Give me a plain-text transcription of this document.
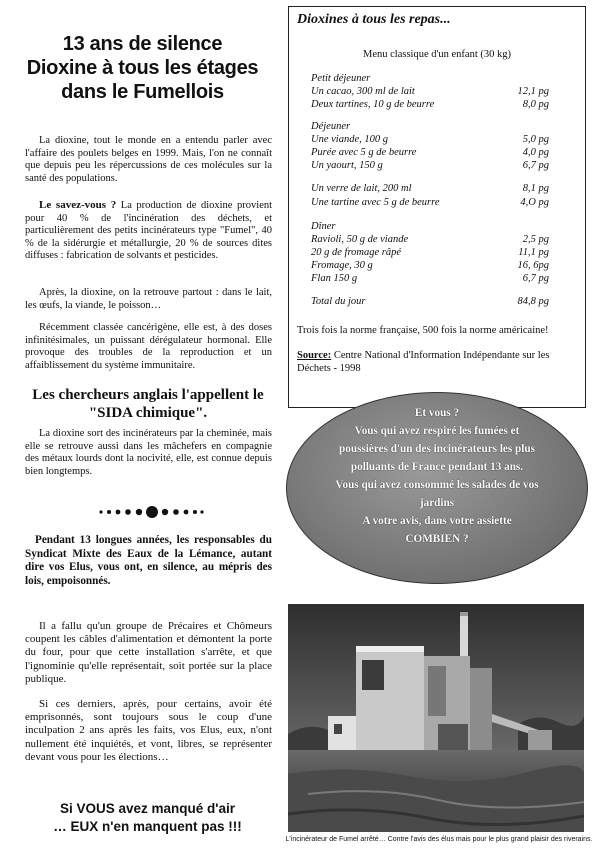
13 ans de silence
Dioxine à tous les étages
dans le Fumellois
La dioxine, tout le monde en a entendu parler avec l'affaire des poulets belges en 1999. Mais, l'on ne connaît que depuis peu les répercussions de ces molécules sur la santé des populations.
Le savez-vous ? La production de dioxine provient pour 40 % de l'incinération des déchets, et particulièrement des petits incinérateurs type "Fumel", 40 % de la sidérurgie et métallurgie, 20 % de sources dites diffuses : fabrication de solvants et pesticides.
Après, la dioxine, on la retrouve partout : dans le lait, les œufs, la viande, le poisson…
Récemment classée cancérigène, elle est, à des doses infinitésimales, un puissant dérégulateur hormonal. Elle provoque des troubles de la reproduction et un affaiblissement du système immunitaire.
Les chercheurs anglais l'appellent le "SIDA chimique".
La dioxine sort des incinérateurs par la cheminée, mais elle se retrouve aussi dans les mâchefers en compagnie des métaux lourds dont la nocivité, elle, est connue depuis bien longtemps.
Pendant 13 longues années, les responsables du Syndicat Mixte des Eaux de la Lémance, autant dire vos Elus, vous ont, en silence, au mépris des lois, empoisonnés.
Il a fallu qu'un groupe de Précaires et Chômeurs coupent les câbles d'alimentation et démontent la porte du four, pour que cette installation s'arrête, et que l'ignominie qu'elle représentait, soit portée sur la place publique.
Si ces derniers, après, pour certains, avoir été emprisonnés, sont toujours sous le coup d'une inculpation 2 ans après les faits, vos Elus, eux, n'ont nullement été inquiétés, et vont, libres, se représenter devant vous pour les élections…
Si VOUS avez manqué d'air
… EUX n'en manquent pas !!!
Dioxines à tous les repas...
Menu classique d'un enfant (30 kg)
Petit déjeuner
Un cacao, 300 ml de lait	12,1 pg
Deux tartines, 10 g de beurre	8,0 pg
Déjeuner
Une viande, 100 g	5,0 pg
Purée avec 5 g de beurre	4,0 pg
Un yaourt, 150 g	6,7 pg
Un verre de lait, 200 ml	8,1 pg
Une tartine avec 5 g de beurre	4,O pg
Dîner
Ravioli, 50 g de viande	2,5 pg
20 g de fromage râpé	11,1 pg
Fromage, 30 g	16, 6pg
Flan 150 g	6,7 pg
Total du jour	84,8 pg
Trois fois la norme française, 500 fois la norme américaine!
Source: Centre National d'Information Indépendante sur les Déchets - 1998
Et vous ?
Vous qui avez respiré les fumées et
poussières d'un des incinérateurs les plus
polluants de France pendant 13 ans.
Vous qui avez consommé les salades de vos
jardins
A votre avis, dans votre assiette
COMBIEN ?
L'incinérateur de Fumel arrêté… Contre l'avis des élus mais pour le plus grand plaisir des riverains.
